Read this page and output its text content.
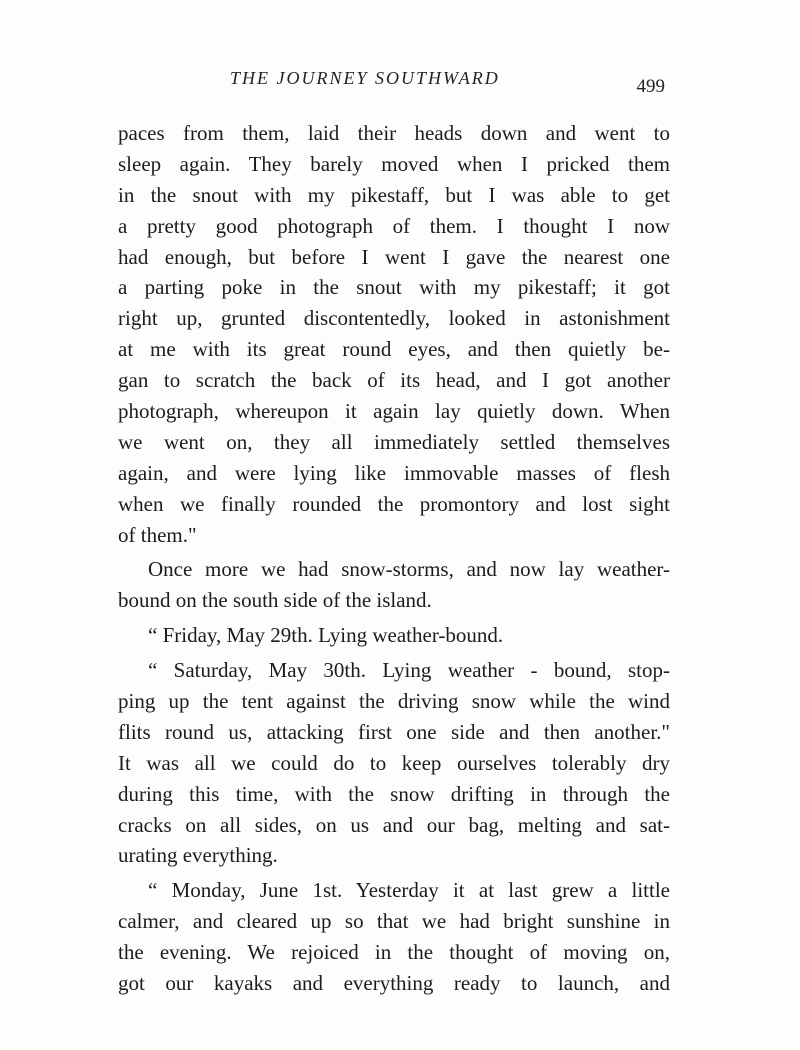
THE JOURNEY SOUTHWARD	499
paces from them, laid their heads down and went to
sleep again. They barely moved when I pricked them
in the snout with my pikestaff, but I was able to get
a pretty good photograph of them. I thought I now
had enough, but before I went I gave the nearest one
a parting poke in the snout with my pikestaff; it got
right up, grunted discontentedly, looked in astonishment
at me with its great round eyes, and then quietly be-
gan to scratch the back of its head, and I got another
photograph, whereupon it again lay quietly down. When
we went on, they all immediately settled themselves
again, and were lying like immovable masses of flesh
when we finally rounded the promontory and lost sight
of them."
Once more we had snow-storms, and now lay weather-
bound on the south side of the island.
“ Friday, May 29th. Lying weather-bound.
“ Saturday, May 30th. Lying weather - bound, stop-
ping up the tent against the driving snow while the wind
flits round us, attacking first one side and then another."
It was all we could do to keep ourselves tolerably dry
during this time, with the snow drifting in through the
cracks on all sides, on us and our bag, melting and sat-
urating everything.
“ Monday, June 1st. Yesterday it at last grew a little
calmer, and cleared up so that we had bright sunshine in
the evening. We rejoiced in the thought of moving on,
got our kayaks and everything ready to launch, and
